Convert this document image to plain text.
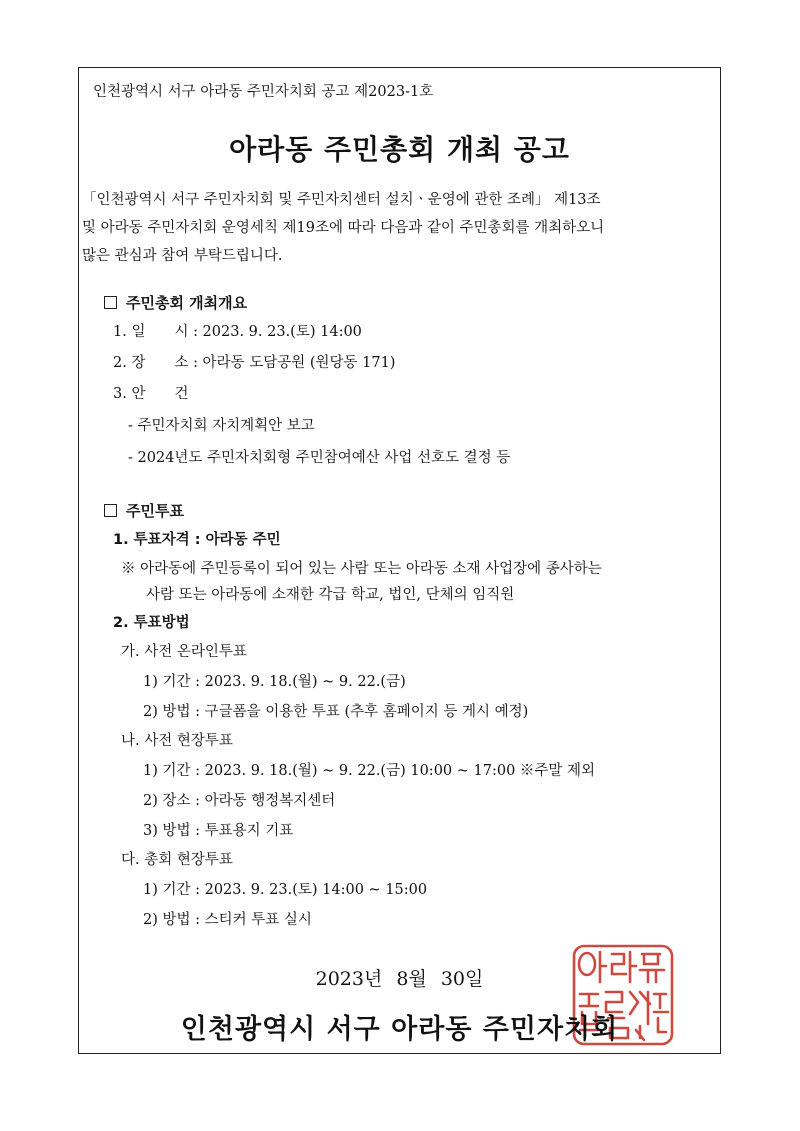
인천광역시 서구 아라동 주민자치회 공고 제2023-1호
아라동 주민총회 개최 공고

「인천광역시 서구 주민자치회 및 주민자치센터 설치ㆍ운영에 관한 조례」 제13조

및 아라동 주민자치회 운영세칙 제19조에 따라 다음과 같이 주민총회를 개최하오니

많은 관심과 참여 부탁드립니다.

주민총회 개최개요
1. 일　　시 : 2023. 9. 23.(토) 14:00
2. 장　　소 : 아라동 도담공원 (원당동 171)
3. 안　　건
- 주민자치회 자치계획안 보고
- 2024년도 주민자치회형 주민참여예산 사업 선호도 결정 등
주민투표
1. 투표자격 : 아라동 주민
※ 아라동에 주민등록이 되어 있는 사람 또는 아라동 소재 사업장에 종사하는
사람 또는 아라동에 소재한 각급 학교, 법인, 단체의 임직원
2. 투표방법
가. 사전 온라인투표
1) 기간 : 2023. 9. 18.(월) ~ 9. 22.(금)
2) 방법 : 구글폼을 이용한 투표 (추후 홈페이지 등 게시 예정)
나. 사전 현장투표
1) 기간 : 2023. 9. 18.(월) ~ 9. 22.(금) 10:00 ~ 17:00 ※주말 제외
2) 장소 : 아라동 행정복지센터
3) 방법 : 투표용지 기표
다. 총회 현장투표
1) 기간 : 2023. 9. 23.(토) 14:00 ~ 15:00
2) 방법 : 스티커 투표 실시
2023년 8월 30일
인천광역시 서구 아라동 주민자치회
